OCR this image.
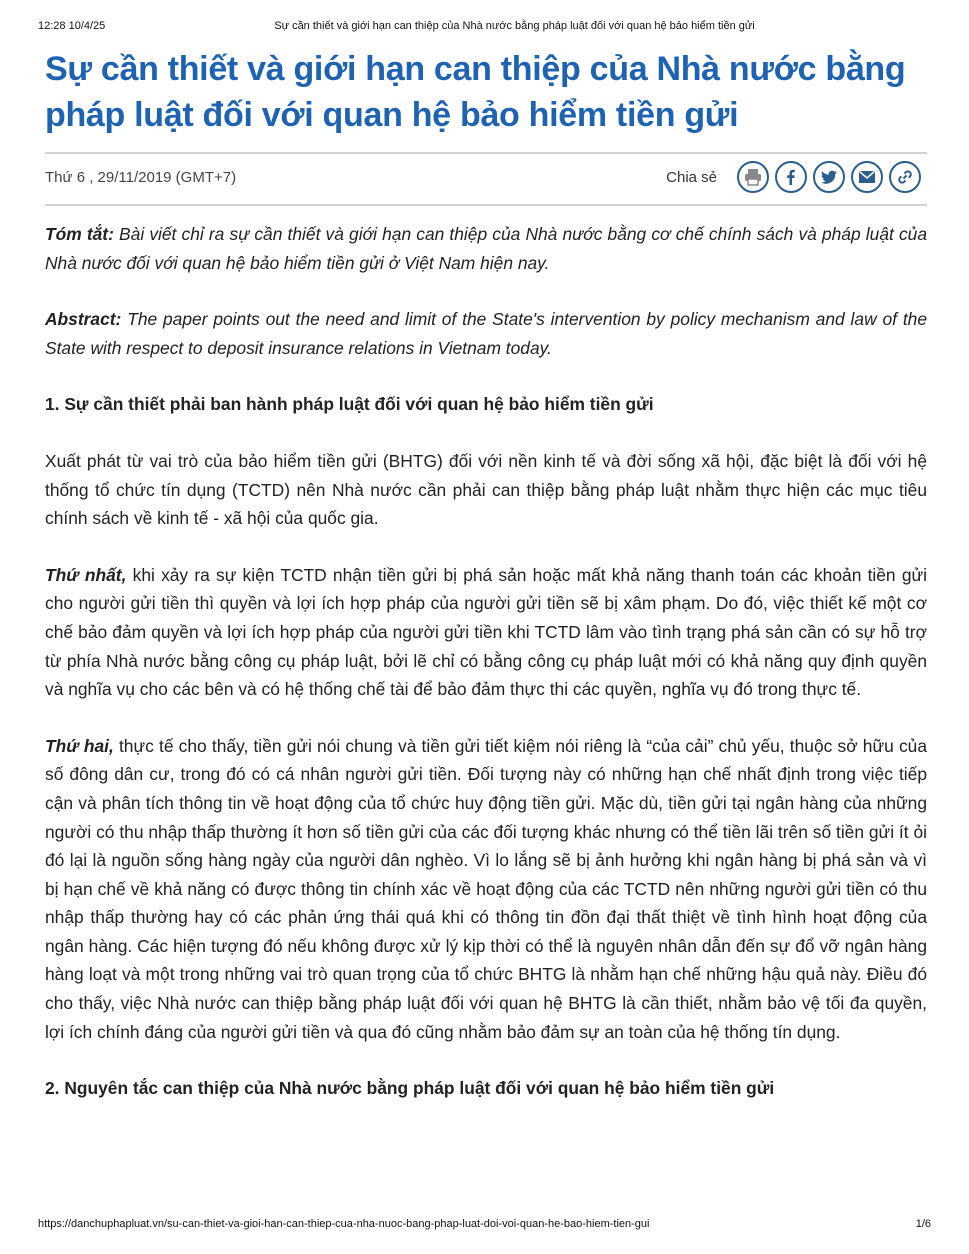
12:28 10/4/25	Sự cần thiết và giới hạn can thiệp của Nhà nước bằng pháp luật đối với quan hệ bảo hiểm tiền gửi
Sự cần thiết và giới hạn can thiệp của Nhà nước bằng pháp luật đối với quan hệ bảo hiểm tiền gửi
Thứ 6 , 29/11/2019 (GMT+7)	Chia sẻ

Tóm tắt: Bài viết chỉ ra sự cần thiết và giới hạn can thiệp của Nhà nước bằng cơ chế chính sách và pháp luật của Nhà nước đối với quan hệ bảo hiểm tiền gửi ở Việt Nam hiện nay.

Abstract: The paper points out the need and limit of the State's intervention by policy mechanism and law of the State with respect to deposit insurance relations in Vietnam today.

1. Sự cần thiết phải ban hành pháp luật đối với quan hệ bảo hiểm tiền gửi

Xuất phát từ vai trò của bảo hiểm tiền gửi (BHTG) đối với nền kinh tế và đời sống xã hội, đặc biệt là đối với hệ thống tổ chức tín dụng (TCTD) nên Nhà nước cần phải can thiệp bằng pháp luật nhằm thực hiện các mục tiêu chính sách về kinh tế - xã hội của quốc gia.

Thứ nhất, khi xảy ra sự kiện TCTD nhận tiền gửi bị phá sản hoặc mất khả năng thanh toán các khoản tiền gửi cho người gửi tiền thì quyền và lợi ích hợp pháp của người gửi tiền sẽ bị xâm phạm. Do đó, việc thiết kế một cơ chế bảo đảm quyền và lợi ích hợp pháp của người gửi tiền khi TCTD lâm vào tình trạng phá sản cần có sự hỗ trợ từ phía Nhà nước bằng công cụ pháp luật, bởi lẽ chỉ có bằng công cụ pháp luật mới có khả năng quy định quyền và nghĩa vụ cho các bên và có hệ thống chế tài để bảo đảm thực thi các quyền, nghĩa vụ đó trong thực tế.

Thứ hai, thực tế cho thấy, tiền gửi nói chung và tiền gửi tiết kiệm nói riêng là “của cải” chủ yếu, thuộc sở hữu của số đông dân cư, trong đó có cá nhân người gửi tiền. Đối tượng này có những hạn chế nhất định trong việc tiếp cận và phân tích thông tin về hoạt động của tổ chức huy động tiền gửi. Mặc dù, tiền gửi tại ngân hàng của những người có thu nhập thấp thường ít hơn số tiền gửi của các đối tượng khác nhưng có thể tiền lãi trên số tiền gửi ít ỏi đó lại là nguồn sống hàng ngày của người dân nghèo. Vì lo lắng sẽ bị ảnh hưởng khi ngân hàng bị phá sản và vì bị hạn chế về khả năng có được thông tin chính xác về hoạt động của các TCTD nên những người gửi tiền có thu nhập thấp thường hay có các phản ứng thái quá khi có thông tin đồn đại thất thiệt về tình hình hoạt động của ngân hàng. Các hiện tượng đó nếu không được xử lý kịp thời có thể là nguyên nhân dẫn đến sự đổ vỡ ngân hàng hàng loạt và một trong những vai trò quan trọng của tổ chức BHTG là nhằm hạn chế những hậu quả này. Điều đó cho thấy, việc Nhà nước can thiệp bằng pháp luật đối với quan hệ BHTG là cần thiết, nhằm bảo vệ tối đa quyền, lợi ích chính đáng của người gửi tiền và qua đó cũng nhằm bảo đảm sự an toàn của hệ thống tín dụng.

2. Nguyên tắc can thiệp của Nhà nước bằng pháp luật đối với quan hệ bảo hiểm tiền gửi
https://danchuphapluat.vn/su-can-thiet-va-gioi-han-can-thiep-cua-nha-nuoc-bang-phap-luat-doi-voi-quan-he-bao-hiem-tien-gui	1/6
